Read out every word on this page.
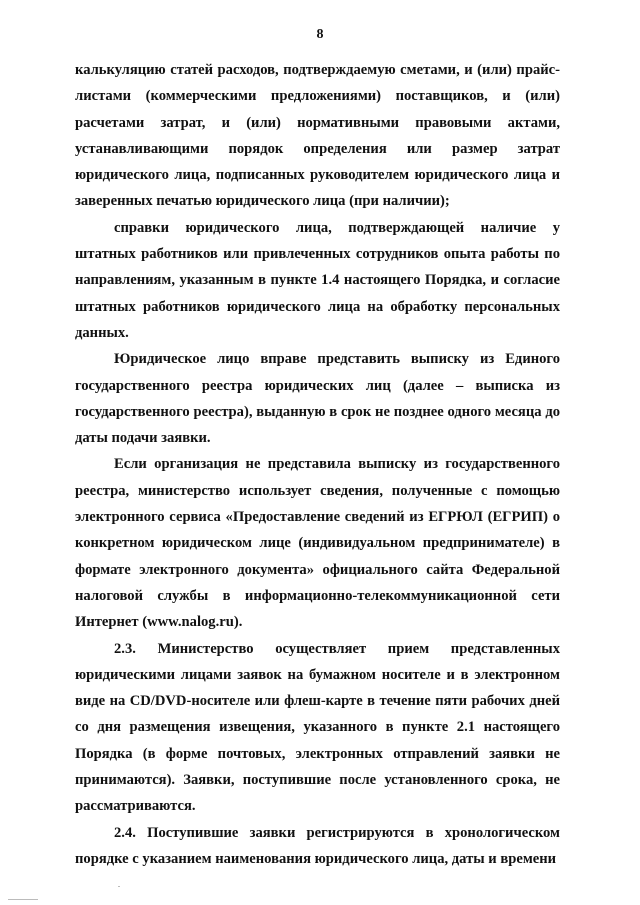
8

калькуляцию статей расходов, подтверждаемую сметами, и (или) прайс-листами (коммерческими предложениями) поставщиков, и (или) расчетами затрат, и (или) нормативными правовыми актами, устанавливающими порядок определения или размер затрат юридического лица, подписанных руководителем юридического лица и заверенных печатью юридического лица (при наличии);

справки юридического лица, подтверждающей наличие у штатных работников или привлеченных сотрудников опыта работы по направлениям, указанным в пункте 1.4 настоящего Порядка, и согласие штатных работников юридического лица на обработку персональных данных.

Юридическое лицо вправе представить выписку из Единого государственного реестра юридических лиц (далее – выписка из государственного реестра), выданную в срок не позднее одного месяца до даты подачи заявки.

Если организация не представила выписку из государственного реестра, министерство использует сведения, полученные с помощью электронного сервиса «Предоставление сведений из ЕГРЮЛ (ЕГРИП) о конкретном юридическом лице (индивидуальном предпринимателе) в формате электронного документа» официального сайта Федеральной налоговой службы в информационно-телекоммуникационной сети Интернет (www.nalog.ru).

2.3. Министерство осуществляет прием представленных юридическими лицами заявок на бумажном носителе и в электронном виде на CD/DVD-носителе или флеш-карте в течение пяти рабочих дней со дня размещения извещения, указанного в пункте 2.1 настоящего Порядка (в форме почтовых, электронных отправлений заявки не принимаются). Заявки, поступившие после установленного срока, не рассматриваются.

2.4. Поступившие заявки регистрируются в хронологическом порядке с указанием наименования юридического лица, даты и времени
